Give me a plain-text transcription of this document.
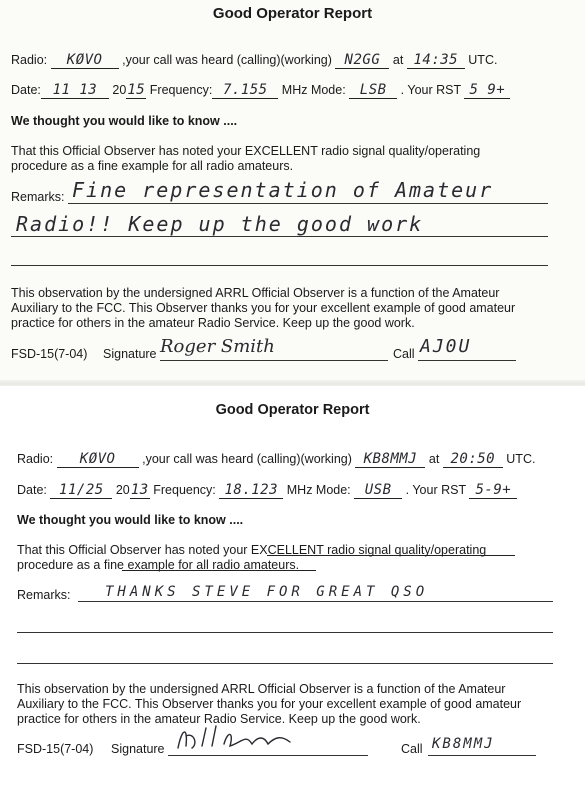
Good Operator Report
Radio: KØVO ,your call was heard (calling)(working) N2GG at 14:35 UTC.
Date: 11 13 2015 Frequency: 7.155 MHz Mode: LSB . Your RST 5 9+
We thought you would like to know ....
That this Official Observer has noted your EXCELLENT radio signal quality/operating
procedure as a fine example for all radio amateurs.
Remarks: Fine representation of Amateur
Radio!! Keep up the good work
This observation by the undersigned ARRL Official Observer is a function of the Amateur
Auxiliary to the FCC. This Observer thanks you for your excellent example of good amateur
practice for others in the amateur Radio Service. Keep up the good work.
FSD-15(7-04) Signature Roger Smith	Call AJ0U
Good Operator Report
Radio: KØVO ,your call was heard (calling)(working) KB8MMJ at 20:50 UTC.
Date: 11/25 2013 Frequency: 18.123 MHz Mode: USB . Your RST 5-9+
We thought you would like to know ....
That this Official Observer has noted your EXCELLENT radio signal quality/operating
procedure as a fine example for all radio amateurs.
Remarks: THANKS STEVE FOR GREAT QSO
This observation by the undersigned ARRL Official Observer is a function of the Amateur
Auxiliary to the FCC. This Observer thanks you for your excellent example of good amateur
practice for others in the amateur Radio Service. Keep up the good work.
FSD-15(7-04) Signature	Call KB8MMJ
